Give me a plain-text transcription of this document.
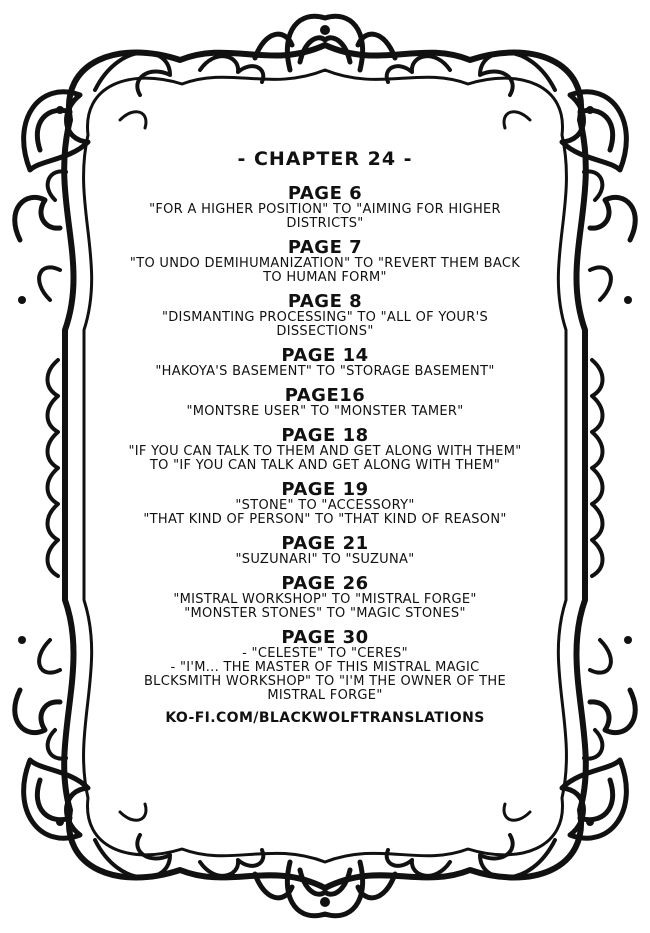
- CHAPTER 24 -
PAGE 6
"FOR A HIGHER POSITION" TO "AIMING FOR HIGHER
DISTRICTS"
PAGE 7
"TO UNDO DEMIHUMANIZATION" TO "REVERT THEM BACK
TO HUMAN FORM"
PAGE 8
"DISMANTING PROCESSING" TO "ALL OF YOUR'S
DISSECTIONS"
PAGE 14
"HAKOYA'S BASEMENT" TO "STORAGE BASEMENT"
PAGE16
"MONTSRE USER" TO "MONSTER TAMER"
PAGE 18
"IF YOU CAN TALK TO THEM AND GET ALONG WITH THEM"
TO "IF YOU CAN TALK AND GET ALONG WITH THEM"
PAGE 19
"STONE" TO "ACCESSORY"
"THAT KIND OF PERSON" TO "THAT KIND OF REASON"
PAGE 21
"SUZUNARI" TO "SUZUNA"
PAGE 26
"MISTRAL WORKSHOP" TO "MISTRAL FORGE"
"MONSTER STONES" TO "MAGIC STONES"
PAGE 30
- "CELESTE" TO "CERES"
- "I'M... THE MASTER OF THIS MISTRAL MAGIC
BLCKSMITH WORKSHOP" TO "I'M THE OWNER OF THE
MISTRAL FORGE"
KO-FI.COM/BLACKWOLFTRANSLATIONS
